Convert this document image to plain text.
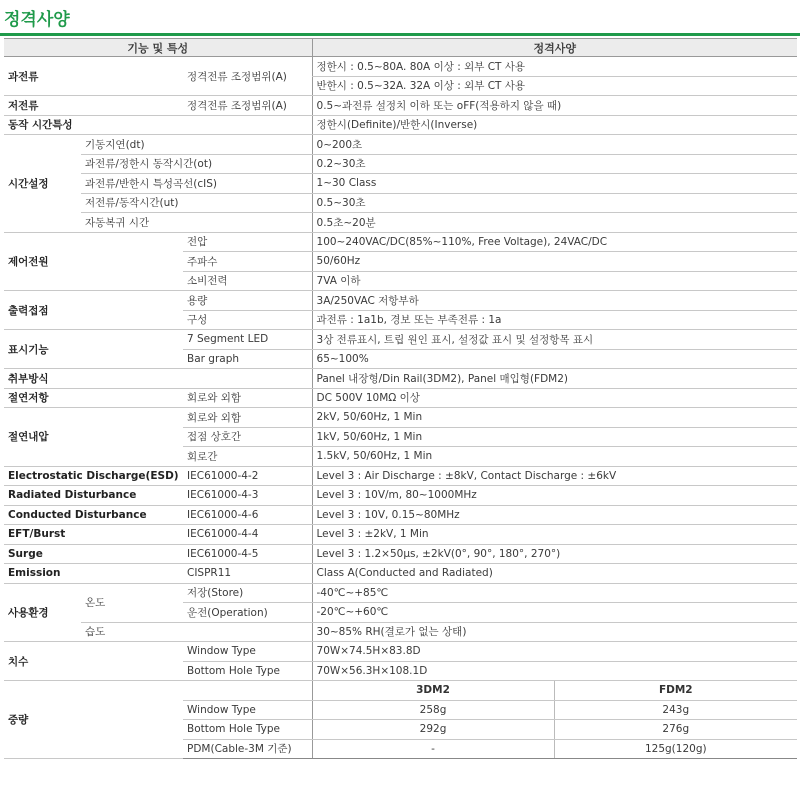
정격사양
기능 및 특성			정격사양	
과전류		정격전류 조정범위(A)	정한시 : 0.5~80A. 80A 이상 : 외부 CT 사용	
			반한시 : 0.5~32A. 32A 이상 : 외부 CT 사용	
저전류		정격전류 조정범위(A)	0.5~과전류 설정치 이하 또는 oFF(적용하지 않을 때)	
동작 시간특성			정한시(Definite)/반한시(Inverse)	
시간설정	기동지연(dt)		0~200초	
	과전류/정한시 동작시간(ot)		0.2~30초	
	과전류/반한시 특성곡선(cIS)		1~30 Class	
	저전류/동작시간(ut)		0.5~30초	
	자동복귀 시간		0.5초~20분	
제어전원		전압	100~240VAC/DC(85%~110%, Free Voltage), 24VAC/DC	
		주파수	50/60Hz	
		소비전력	7VA 이하	
출력접점		용량	3A/250VAC 저항부하	
		구성	과전류 : 1a1b, 경보 또는 부족전류 : 1a	
표시기능		7 Segment LED	3상 전류표시, 트립 원인 표시, 설정값 표시 및 설정항목 표시	
		Bar graph	65~100%	
취부방식			Panel 내장형/Din Rail(3DM2), Panel 매입형(FDM2)	
절연저항		회로와 외함	DC 500V 10MΩ 이상	
절연내압		회로와 외함	2kV, 50/60Hz, 1 Min	
		접점 상호간	1kV, 50/60Hz, 1 Min	
		회로간	1.5kV, 50/60Hz, 1 Min	
Electrostatic Discharge(ESD)		IEC61000-4-2	Level 3 : Air Discharge : ±8kV, Contact Discharge : ±6kV	
Radiated Disturbance		IEC61000-4-3	Level 3 : 10V/m, 80~1000MHz	
Conducted Disturbance		IEC61000-4-6	Level 3 : 10V, 0.15~80MHz	
EFT/Burst		IEC61000-4-4	Level 3 : ±2kV, 1 Min	
Surge		IEC61000-4-5	Level 3 : 1.2×50μs, ±2kV(0°, 90°, 180°, 270°)	
Emission		CISPR11	Class A(Conducted and Radiated)	
사용환경	온도	저장(Store)	-40℃~+85℃	
		운전(Operation)	-20℃~+60℃	
	습도		30~85% RH(결로가 없는 상태)	
치수		Window Type	70W×74.5H×83.8D	
		Bottom Hole Type	70W×56.3H×108.1D	
중량			3DM2	FDM2
		Window Type	258g	243g
		Bottom Hole Type	292g	276g
		PDM(Cable-3M 기준)	-	125g(120g)
